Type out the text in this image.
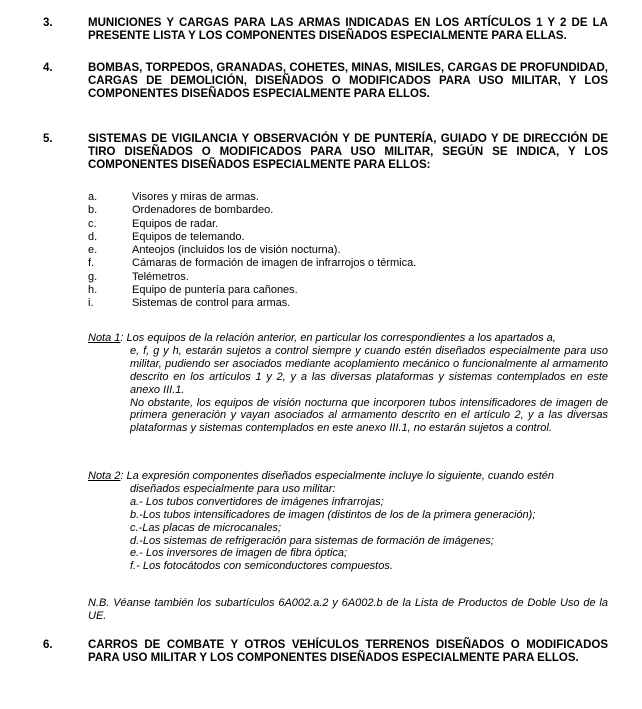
3.	MUNICIONES Y CARGAS PARA LAS ARMAS INDICADAS EN LOS ARTÍCULOS 1 Y 2 DE LA PRESENTE LISTA Y LOS COMPONENTES DISEÑADOS ESPECIALMENTE PARA ELLAS.
4.	BOMBAS, TORPEDOS, GRANADAS, COHETES, MINAS, MISILES, CARGAS DE PROFUNDIDAD, CARGAS DE DEMOLICIÓN, DISEÑADOS O MODIFICADOS PARA USO MILITAR, Y LOS COMPONENTES DISEÑADOS ESPECIALMENTE PARA ELLOS.
5.	SISTEMAS DE VIGILANCIA Y OBSERVACIÓN Y DE PUNTERÍA, GUIADO Y DE DIRECCIÓN DE TIRO DISEÑADOS O MODIFICADOS PARA USO MILITAR, SEGÚN SE INDICA, Y LOS COMPONENTES DISEÑADOS ESPECIALMENTE PARA ELLOS:
a.	Visores y miras de armas.
b.	Ordenadores de bombardeo.
c.	Equipos de radar.
d.	Equipos de telemando.
e.	Anteojos (incluidos los de visión nocturna).
f.	Cámaras de formación de imagen de infrarrojos o térmica.
g.	Telémetros.
h.	Equipo de puntería para cañones.
i.	Sistemas de control para armas.

Nota 1: Los equipos de la relación anterior, en particular los correspondientes a los apartados a,

e, f, g y h, estarán sujetos a control siempre y cuando estén diseñados especialmente para uso militar, pudiendo ser asociados mediante acoplamiento mecánico o funcionalmente al armamento descrito en los artículos 1 y 2, y a las diversas plataformas y sistemas contemplados en este anexo III.1.

No obstante, los equipos de visión nocturna que incorporen tubos intensificadores de imagen de primera generación y vayan asociados al armamento descrito en el artículo 2, y a las diversas plataformas y sistemas contemplados en este anexo III.1, no estarán sujetos a control.

Nota 2: La expresión componentes diseñados especialmente incluye lo siguiente, cuando estén

diseñados especialmente para uso militar:

a.- Los tubos convertidores de imágenes infrarrojas;

b.-Los tubos intensificadores de imagen (distintos de los de la primera generación);

c.-Las placas de microcanales;

d.-Los sistemas de refrigeración para sistemas de formación de imágenes;

e.- Los inversores de imagen de fibra óptica;

f.- Los fotocátodos con semiconductores compuestos.

N.B. Véanse también los subartículos 6A002.a.2 y 6A002.b de la Lista de Productos de Doble Uso de la UE.

6.	CARROS DE COMBATE Y OTROS VEHÍCULOS TERRENOS DISEÑADOS O MODIFICADOS PARA USO MILITAR Y LOS COMPONENTES DISEÑADOS ESPECIALMENTE PARA ELLOS.
